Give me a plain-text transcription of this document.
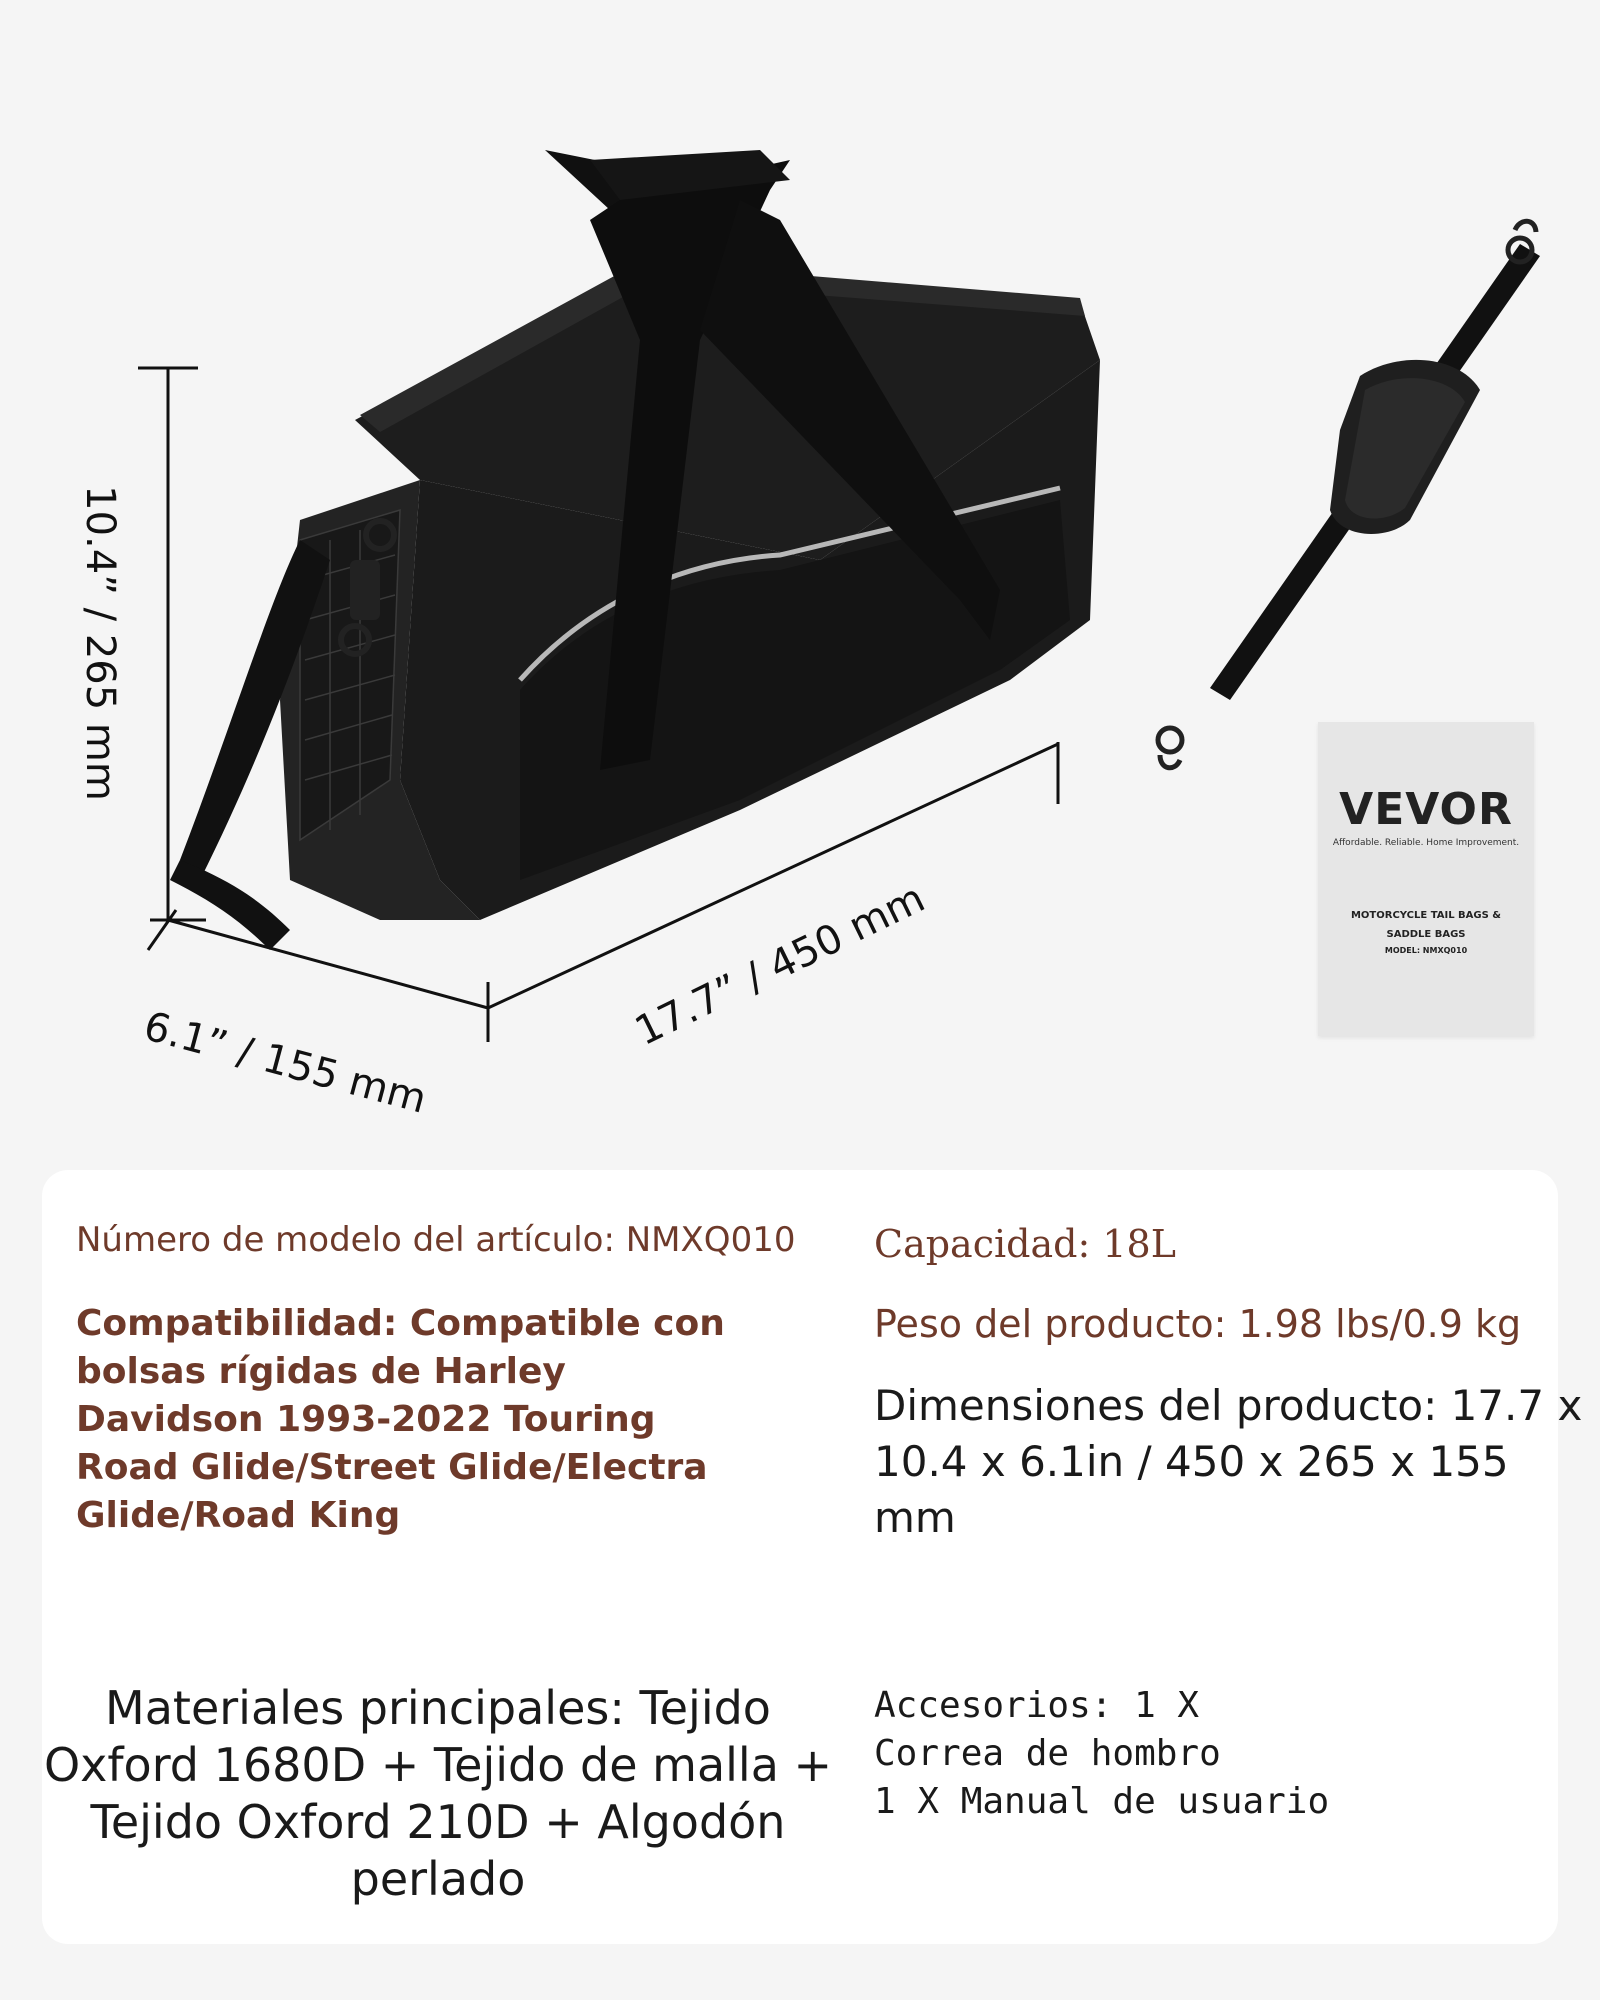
10.4” / 265 mm
17.7” / 450 mm
6.1” / 155 mm
VEVOR
Affordable. Reliable. Home Improvement.
MOTORCYCLE TAIL BAGS & SADDLE BAGS
MODEL: NMXQ010

Número de modelo del artículo: NMXQ010

Compatibilidad: Compatible con bolsas rígidas de Harley Davidson 1993-2022 Touring Road Glide/Street Glide/Electra Glide/Road King

Capacidad: 18L

Peso del producto: 1.98 lbs/0.9 kg

Dimensiones del producto: 17.7 x 10.4 x 6.1in / 450 x 265 x 155 mm

Materiales principales: Tejido Oxford 1680D + Tejido de malla + Tejido Oxford 210D + Algodón perlado

Accesorios: 1 X
Correa de hombro
1 X Manual de usuario
